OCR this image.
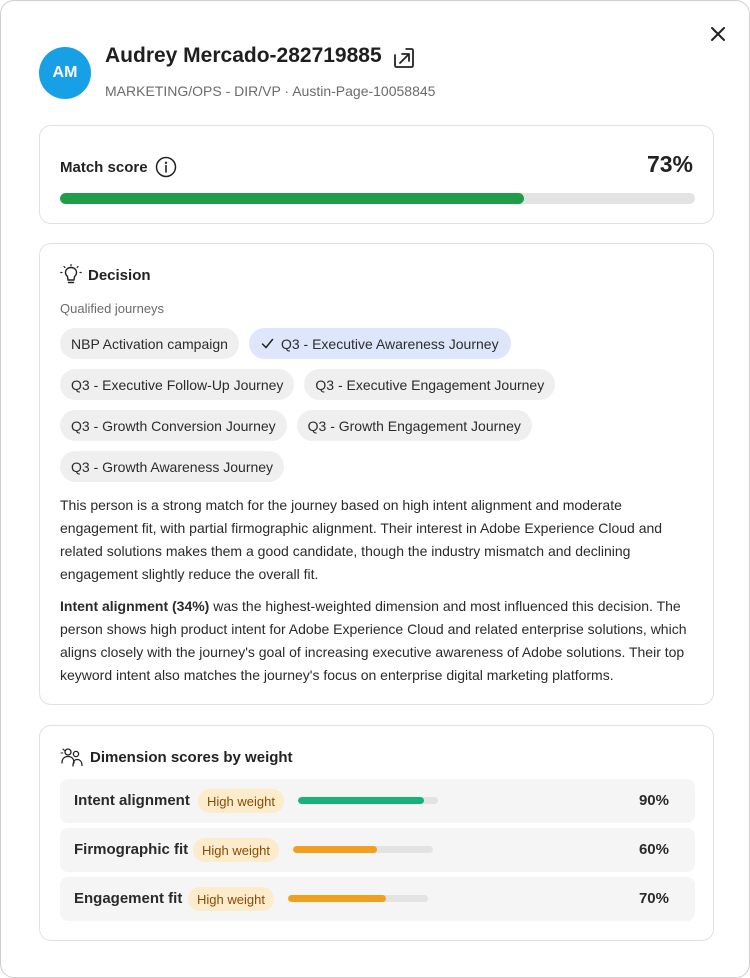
AM
Audrey Mercado-282719885
MARKETING/OPS - DIR/VP · Austin-Page-10058845
Match score	73%
Decision
Qualified journeys
NBP Activation campaign	Q3 - Executive Awareness Journey
Q3 - Executive Follow-Up Journey Q3 - Executive Engagement Journey
Q3 - Growth Conversion Journey Q3 - Growth Engagement Journey
Q3 - Growth Awareness Journey
This person is a strong match for the journey based on high intent alignment and moderate engagement fit, with partial firmographic alignment. Their interest in Adobe Experience Cloud and related solutions makes them a good candidate, though the industry mismatch and declining engagement slightly reduce the overall fit.
Intent alignment (34%) was the highest-weighted dimension and most influenced this decision. The person shows high product intent for Adobe Experience Cloud and related enterprise solutions, which aligns closely with the journey's goal of increasing executive awareness of Adobe solutions. Their top keyword intent also matches the journey's focus on enterprise digital marketing platforms.
Dimension scores by weight
Intent alignment	High weight	90%
Firmographic fit	High weight	60%
Engagement fit	High weight	70%
